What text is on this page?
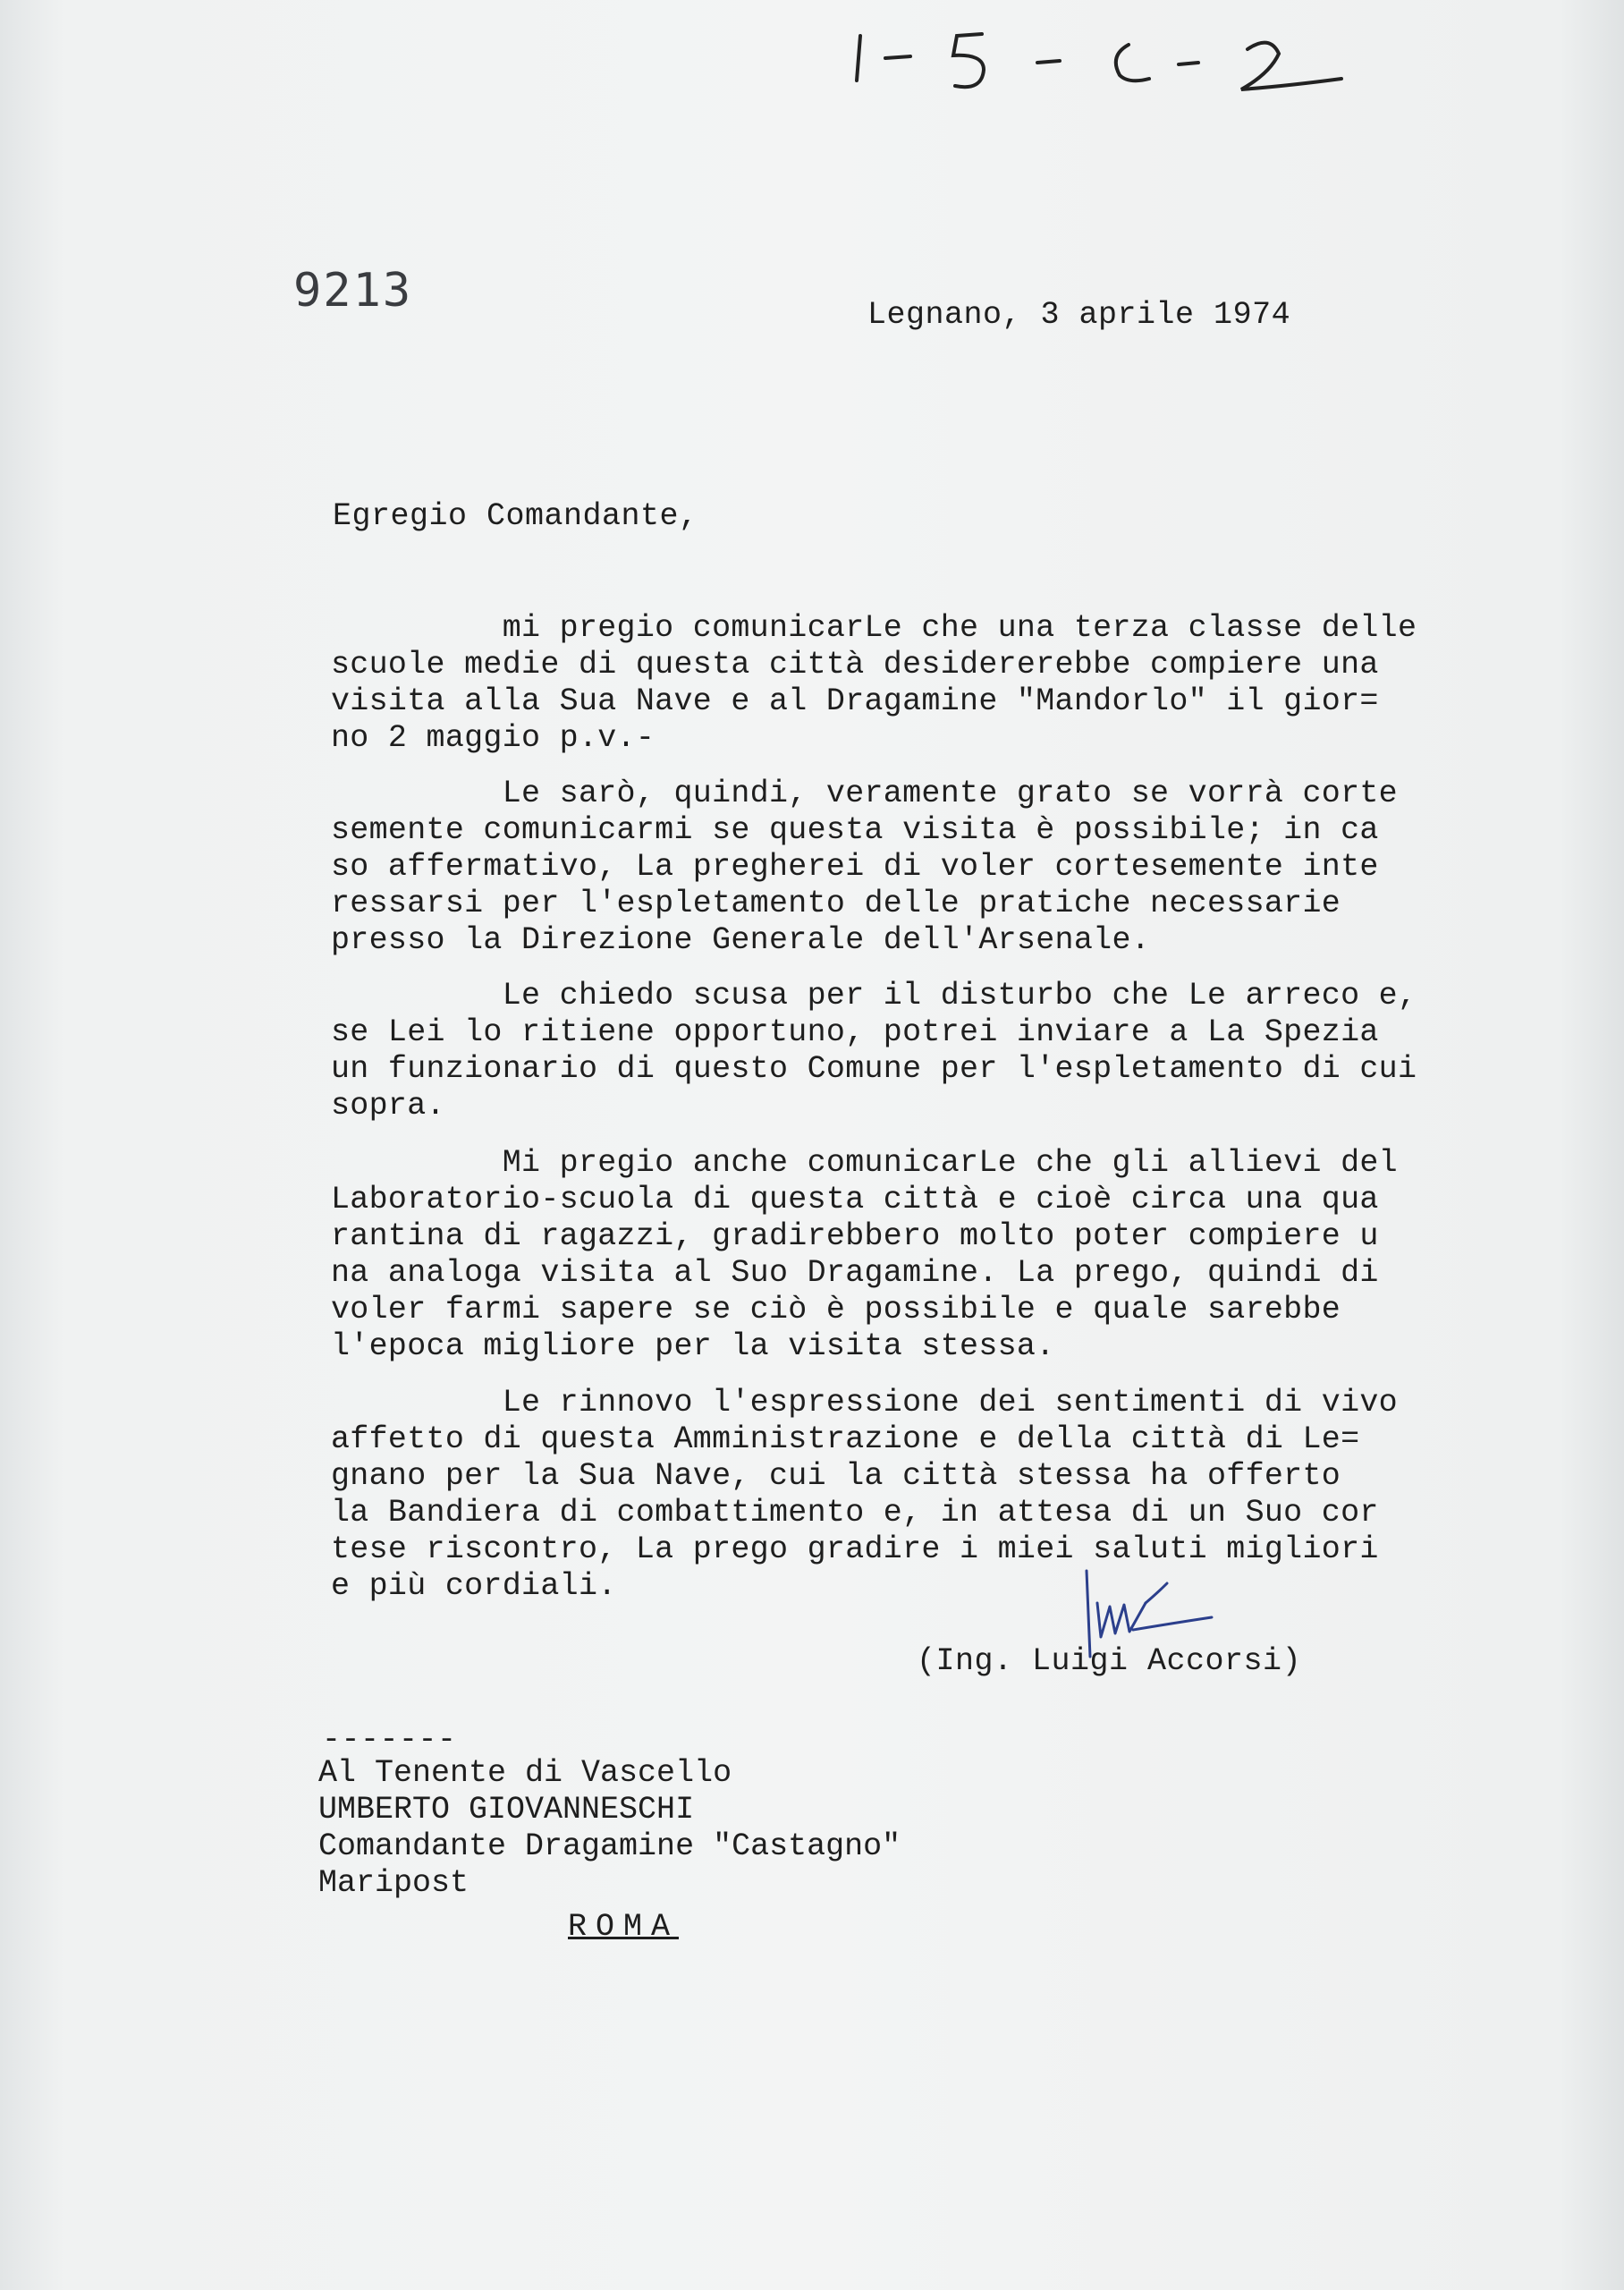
9213	Legnano, 3 aprile 1974
Egregio Comandante,
mi pregio comunicarLe che una terza classe delle
scuole medie di questa città desidererebbe compiere una
visita alla Sua Nave e al Dragamine "Mandorlo" il gior=
no 2 maggio p.v.-
Le sarò, quindi, veramente grato se vorrà corte
semente comunicarmi se questa visita è possibile; in ca
so affermativo, La pregherei di voler cortesemente inte
ressarsi per l'espletamento delle pratiche necessarie
presso la Direzione Generale dell'Arsenale.
Le chiedo scusa per il disturbo che Le arreco e,
se Lei lo ritiene opportuno, potrei inviare a La Spezia
un funzionario di questo Comune per l'espletamento di cui
sopra.
Mi pregio anche comunicarLe che gli allievi del
Laboratorio-scuola di questa città e cioè circa una qua
rantina di ragazzi, gradirebbero molto poter compiere u
na analoga visita al Suo Dragamine. La prego, quindi di
voler farmi sapere se ciò è possibile e quale sarebbe
l'epoca migliore per la visita stessa.
Le rinnovo l'espressione dei sentimenti di vivo
affetto di questa Amministrazione e della città di Le=
gnano per la Sua Nave, cui la città stessa ha offerto
la Bandiera di combattimento e, in attesa di un Suo cor
tese riscontro, La prego gradire i miei saluti migliori
e più cordiali.
(Ing. Luigi Accorsi)
-------
Al Tenente di Vascello
UMBERTO GIOVANNESCHI
Comandante Dragamine "Castagno"
Maripost
ROMA
